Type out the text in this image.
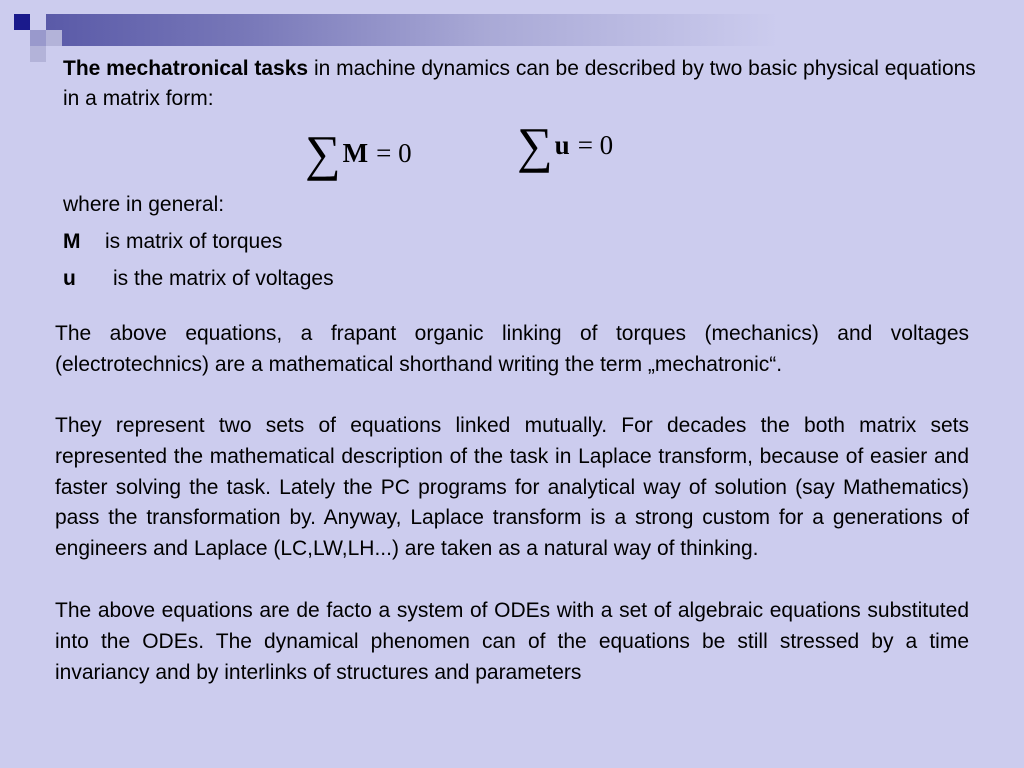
The mechatronical tasks in machine dynamics can be described by two basic physical equations in a matrix form:
∑ M = 0 ∑ u = 0
where in general:
M is matrix of torques
u is the matrix of voltages
The above equations, a frapant organic linking of torques (mechanics) and voltages (electrotechnics) are a mathematical shorthand writing the term „mechatronic“.
They represent two sets of equations linked mutually. For decades the both matrix sets represented the mathematical description of the task in Laplace transform, because of easier and faster solving the task. Lately the PC programs for analytical way of solution (say Mathematics) pass the transformation by. Anyway, Laplace transform is a strong custom for a generations of engineers and Laplace (LC,LW,LH...) are taken as a natural way of thinking.
The above equations are de facto a system of ODEs with a set of algebraic equations substituted into the ODEs. The dynamical phenomen can of the equations be still stressed by a time invariancy and by interlinks of structures and parameters
